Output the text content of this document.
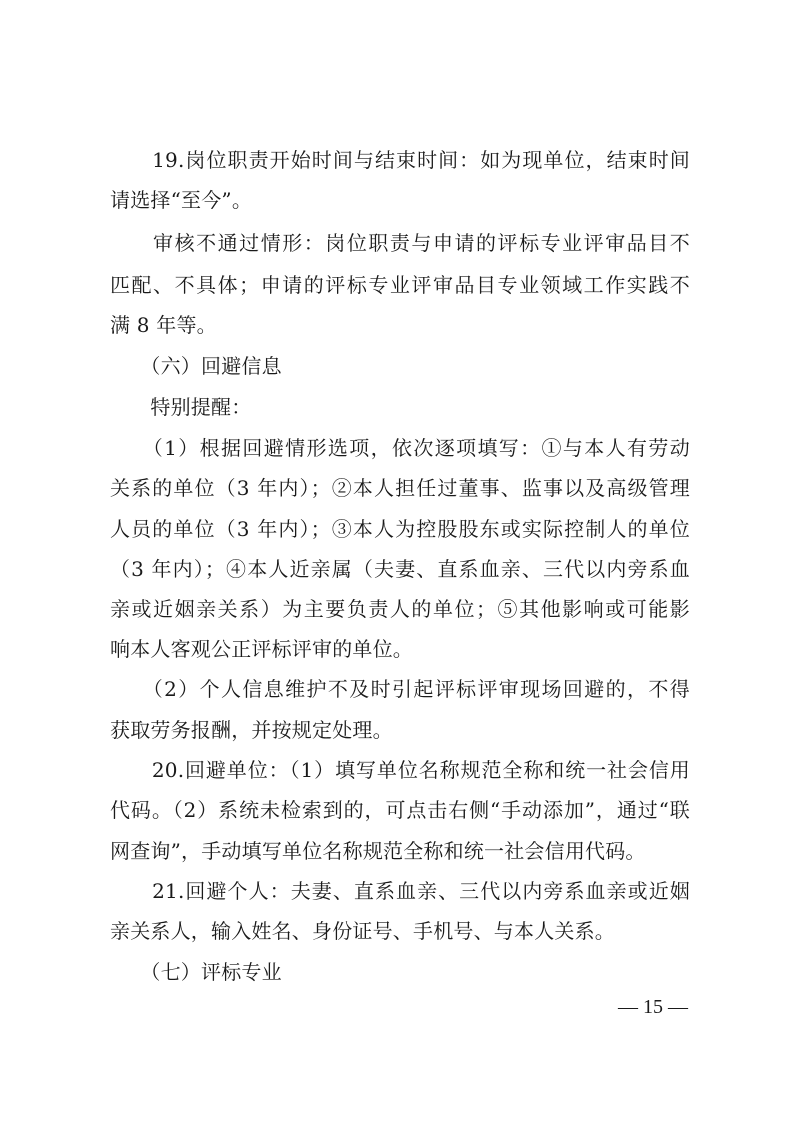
　　19.岗位职责开始时间与结束时间：如为现单位，结束时间
请选择“至今”。
　　审核不通过情形：岗位职责与申请的评标专业评审品目不
匹配、不具体；申请的评标专业评审品目专业领域工作实践不
满 8 年等。
　　（六）回避信息
　　特别提醒：
　　（1）根据回避情形选项，依次逐项填写：①与本人有劳动
关系的单位（3 年内）；②本人担任过董事、监事以及高级管理
人员的单位（3 年内）；③本人为控股股东或实际控制人的单位
（3 年内）；④本人近亲属（夫妻、直系血亲、三代以内旁系血
亲或近姻亲关系）为主要负责人的单位；⑤其他影响或可能影
响本人客观公正评标评审的单位。
　　（2）个人信息维护不及时引起评标评审现场回避的，不得
获取劳务报酬，并按规定处理。
　　20.回避单位：（1）填写单位名称规范全称和统一社会信用
代码。（2）系统未检索到的，可点击右侧“手动添加”，通过“联
网查询”，手动填写单位名称规范全称和统一社会信用代码。
　　21.回避个人：夫妻、直系血亲、三代以内旁系血亲或近姻
亲关系人，输入姓名、身份证号、手机号、与本人关系。
　　（七）评标专业
— 15 —
